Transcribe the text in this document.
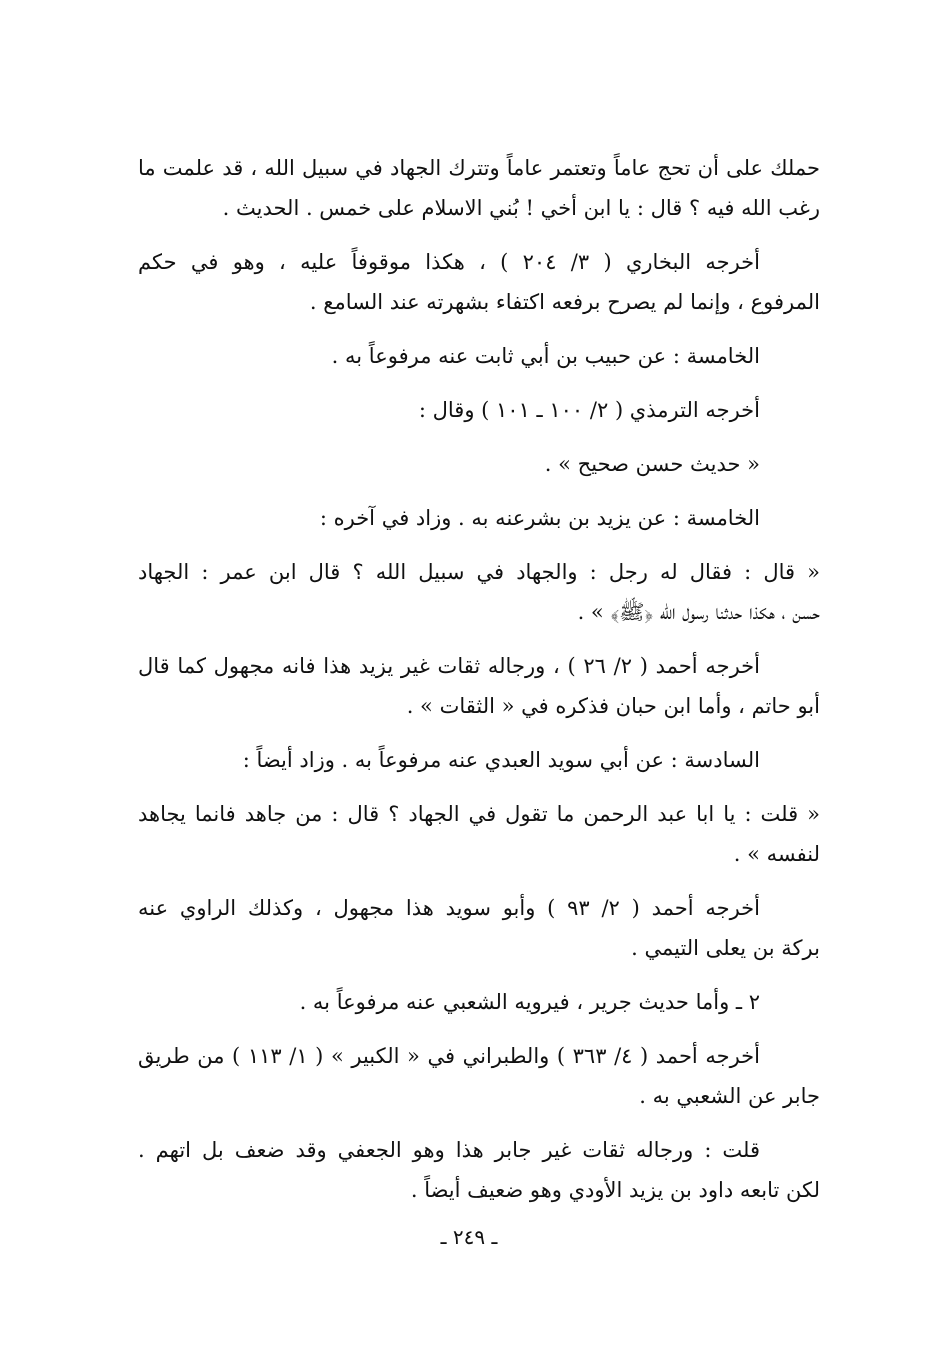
حملك على أن تحج عاماً وتعتمر عاماً وتترك الجهاد في سبيل الله ، قد علمت ما
رغب الله فيه ؟ قال : يا ابن أخي ! بُني الاسلام على خمس . الحديث .
أخرجه البخاري ( ٣/ ٢٠٤ ) ، هكذا موقوفاً عليه ، وهو في حكم
المرفوع ، وإنما لم يصرح برفعه اكتفاء بشهرته عند السامع .
الخامسة : عن حبيب بن أبي ثابت عنه مرفوعاً به .
أخرجه الترمذي ( ٢/ ١٠٠ ـ ١٠١ ) وقال :
« حديث حسن صحيح » .
الخامسة : عن يزيد بن بشرعنه به . وزاد في آخره :
« قال : فقال له رجل : والجهاد في سبيل الله ؟ قال ابن عمر : الجهاد
حسن ، هكذا حدثنا رسول الله ﴿ﷺ﴾ » .
أخرجه أحمد ( ٢/ ٢٦ ) ، ورجاله ثقات غير يزيد هذا فانه مجهول كما قال
أبو حاتم ، وأما ابن حبان فذكره في « الثقات » .
السادسة : عن أبي سويد العبدي عنه مرفوعاً به . وزاد أيضاً :
« قلت : يا ابا عبد الرحمن ما تقول في الجهاد ؟ قال : من جاهد فانما يجاهد
لنفسه » .
أخرجه أحمد ( ٢/ ٩٣ ) وأبو سويد هذا مجهول ، وكذلك الراوي عنه
بركة بن يعلى التيمي .
٢ ـ وأما حديث جرير ، فيرويه الشعبي عنه مرفوعاً به .
أخرجه أحمد ( ٤/ ٣٦٣ ) والطبراني في « الكبير » ( ١/ ١١٣ ) من طريق
جابر عن الشعبي به .
قلت : ورجاله ثقات غير جابر هذا وهو الجعفي وقد ضعف بل اتهم .
لكن تابعه داود بن يزيد الأودي وهو ضعيف أيضاً .
ـ ٢٤٩ ـ
